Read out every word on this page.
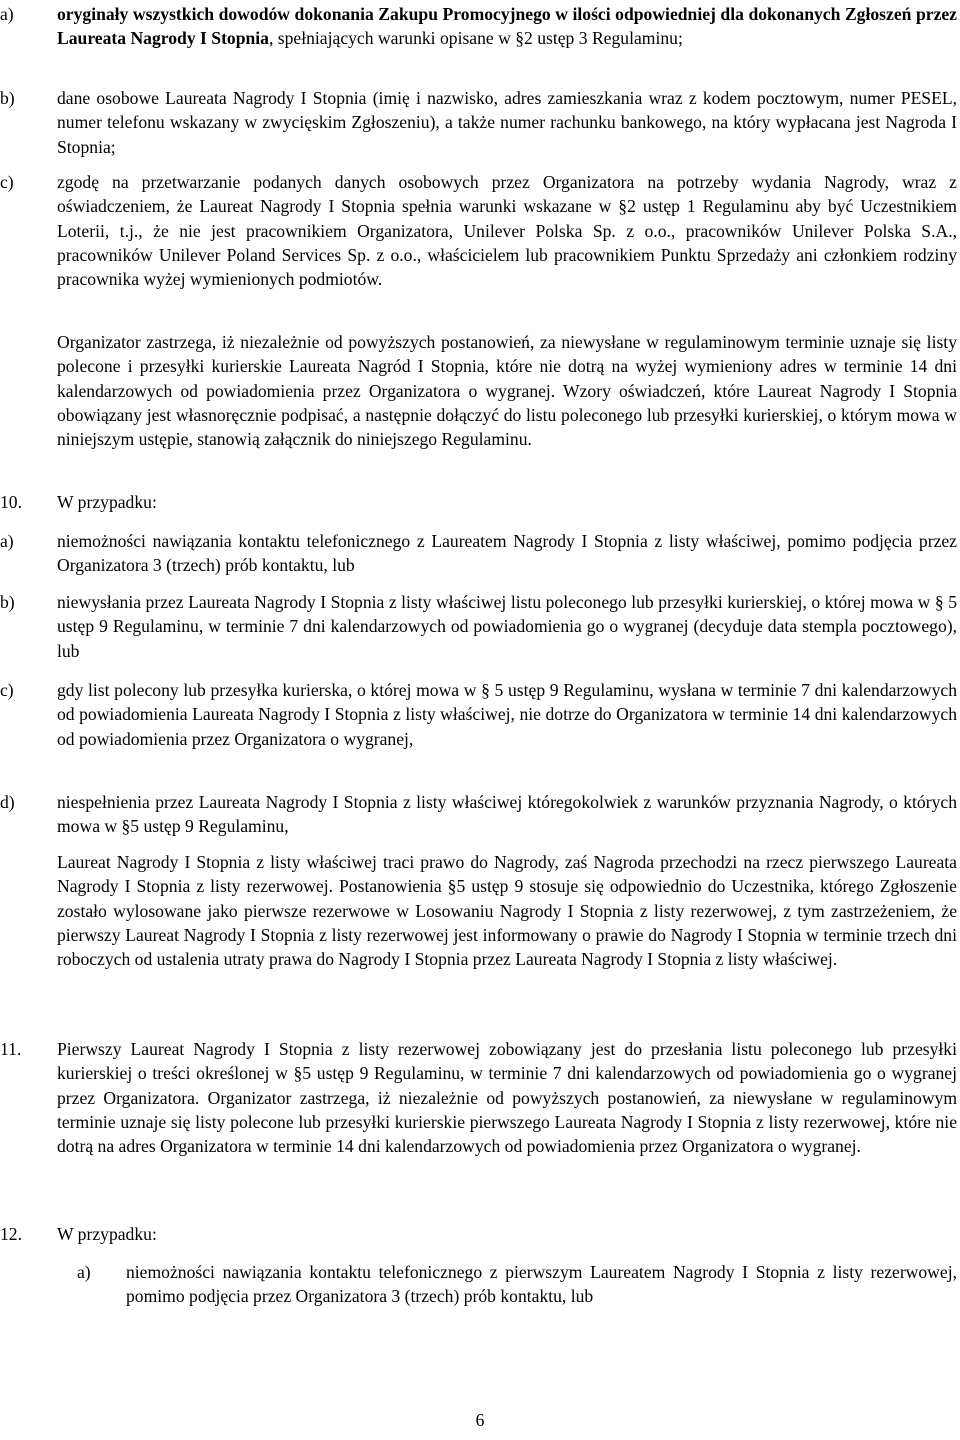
a)	oryginały wszystkich dowodów dokonania Zakupu Promocyjnego w ilości odpowiedniej dla dokonanych Zgłoszeń przez Laureata Nagrody I Stopnia, spełniających warunki opisane w §2 ustęp 3 Regulaminu;
b)	dane osobowe Laureata Nagrody I Stopnia (imię i nazwisko, adres zamieszkania wraz z kodem pocztowym, numer PESEL, numer telefonu wskazany w zwycięskim Zgłoszeniu), a także numer rachunku bankowego, na który wypłacana jest Nagroda I Stopnia;
c)	zgodę na przetwarzanie podanych danych osobowych przez Organizatora na potrzeby wydania Nagrody, wraz z oświadczeniem, że Laureat Nagrody I Stopnia spełnia warunki wskazane w §2 ustęp 1 Regulaminu aby być Uczestnikiem Loterii, t.j., że nie jest pracownikiem Organizatora, Unilever Polska Sp. z o.o., pracowników Unilever Polska S.A., pracowników Unilever Poland Services Sp. z o.o., właścicielem lub pracownikiem Punktu Sprzedaży ani członkiem rodziny pracownika wyżej wymienionych podmiotów.
Organizator zastrzega, iż niezależnie od powyższych postanowień, za niewysłane w regulaminowym terminie uznaje się listy polecone i przesyłki kurierskie Laureata Nagród I Stopnia, które nie dotrą na wyżej wymieniony adres w terminie 14 dni kalendarzowych od powiadomienia przez Organizatora o wygranej. Wzory oświadczeń, które Laureat Nagrody I Stopnia obowiązany jest własnoręcznie podpisać, a następnie dołączyć do listu poleconego lub przesyłki kurierskiej, o którym mowa w niniejszym ustępie, stanowią załącznik do niniejszego Regulaminu.
10.	W przypadku:
a)	niemożności nawiązania kontaktu telefonicznego z Laureatem Nagrody I Stopnia z listy właściwej, pomimo podjęcia przez Organizatora 3 (trzech) prób kontaktu, lub
b)	niewysłania przez Laureata Nagrody I Stopnia z listy właściwej listu poleconego lub przesyłki kurierskiej, o której mowa w § 5 ustęp 9 Regulaminu, w terminie 7 dni kalendarzowych od powiadomienia go o wygranej (decyduje data stempla pocztowego), lub
c)	gdy list polecony lub przesyłka kurierska, o której mowa w § 5 ustęp 9 Regulaminu, wysłana w terminie 7 dni kalendarzowych od powiadomienia Laureata Nagrody I Stopnia z listy właściwej, nie dotrze do Organizatora w terminie 14 dni kalendarzowych od powiadomienia przez Organizatora o wygranej,
d)	niespełnienia przez Laureata Nagrody I Stopnia z listy właściwej któregokolwiek z warunków przyznania Nagrody, o których mowa w §5 ustęp 9 Regulaminu,
Laureat Nagrody I Stopnia z listy właściwej traci prawo do Nagrody, zaś Nagroda przechodzi na rzecz pierwszego Laureata Nagrody I Stopnia z listy rezerwowej. Postanowienia §5 ustęp 9 stosuje się odpowiednio do Uczestnika, którego Zgłoszenie zostało wylosowane jako pierwsze rezerwowe w Losowaniu Nagrody I Stopnia z listy rezerwowej, z tym zastrzeżeniem, że pierwszy Laureat Nagrody I Stopnia z listy rezerwowej jest informowany o prawie do Nagrody I Stopnia w terminie trzech dni roboczych od ustalenia utraty prawa do Nagrody I Stopnia przez Laureata Nagrody I Stopnia z listy właściwej.
11.	Pierwszy Laureat Nagrody I Stopnia z listy rezerwowej zobowiązany jest do przesłania listu poleconego lub przesyłki kurierskiej o treści określonej w §5 ustęp 9 Regulaminu, w terminie 7 dni kalendarzowych od powiadomienia go o wygranej przez Organizatora. Organizator zastrzega, iż niezależnie od powyższych postanowień, za niewysłane w regulaminowym terminie uznaje się listy polecone lub przesyłki kurierskie pierwszego Laureata Nagrody I Stopnia z listy rezerwowej, które nie dotrą na adres Organizatora w terminie 14 dni kalendarzowych od powiadomienia przez Organizatora o wygranej.
12.	W przypadku:
a) niemożności nawiązania kontaktu telefonicznego z pierwszym Laureatem Nagrody I Stopnia z listy rezerwowej, pomimo podjęcia przez Organizatora 3 (trzech) prób kontaktu, lub
6
